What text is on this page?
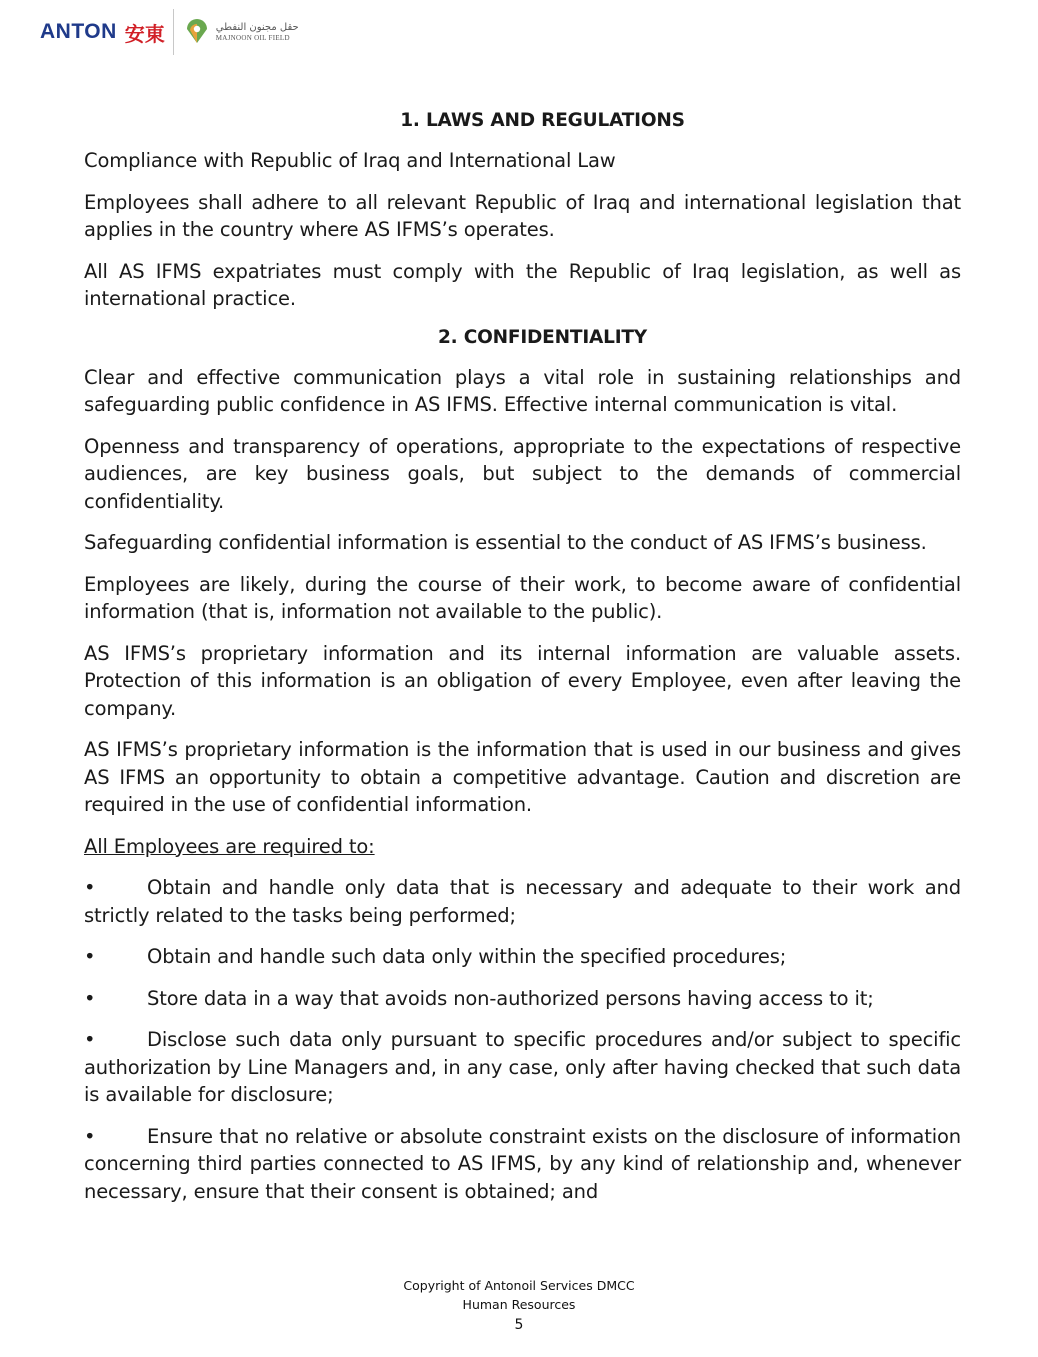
ANTON 安東	حقل مجنون النفطي
MAJNOON OIL FIELD
1. LAWS AND REGULATIONS

Compliance with Republic of Iraq and International Law

Employees shall adhere to all relevant Republic of Iraq and international legislation that applies in the country where AS IFMS’s operates.

All AS IFMS expatriates must comply with the Republic of Iraq legislation, as well as international practice.

2. CONFIDENTIALITY

Clear and effective communication plays a vital role in sustaining relationships and safeguarding public confidence in AS IFMS. Effective internal communication is vital.

Openness and transparency of operations, appropriate to the expectations of respective audiences, are key business goals, but subject to the demands of commercial confidentiality.

Safeguarding confidential information is essential to the conduct of AS IFMS’s business.

Employees are likely, during the course of their work, to become aware of confidential information (that is, information not available to the public).

AS IFMS’s proprietary information and its internal information are valuable assets. Protection of this information is an obligation of every Employee, even after leaving the company.

AS IFMS’s proprietary information is the information that is used in our business and gives AS IFMS an opportunity to obtain a competitive advantage. Caution and discretion are required in the use of confidential information.

All Employees are required to:

•	Obtain and handle only data that is necessary and adequate to their work and strictly related to the tasks being performed;

•	Obtain and handle such data only within the specified procedures;

•	Store data in a way that avoids non-authorized persons having access to it;

•	Disclose such data only pursuant to specific procedures and/or subject to specific authorization by Line Managers and, in any case, only after having checked that such data is available for disclosure;

•	Ensure that no relative or absolute constraint exists on the disclosure of information concerning third parties connected to AS IFMS, by any kind of relationship and, whenever necessary, ensure that their consent is obtained; and

Copyright of Antonoil Services DMCC
Human Resources
5
